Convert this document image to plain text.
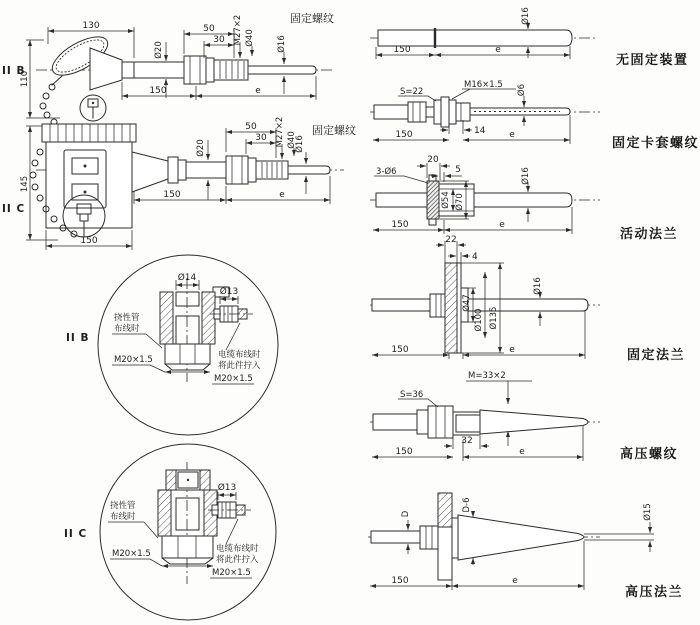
130
110
Ø20
50
30 M27×2 Ø40	Ø16
固定螺纹
150	e
II B
145
150
Ø20
50
30 M27×2 Ø40
Ø16
固定螺纹
150	e
II C
II B
Ø14
挠性管
布线时
M20×1.5
Ø13
电缆布线时
将此件拧入
M20×1.5
II C
挠性管
布线时
M20×1.5
Ø13
电缆布线时
将此件拧入
M20×1.5
Ø16
150	e
无固定装置
S=22
M16×1.5 Ø6
14
150	e
固定卡套螺纹
Ø54 Ø70
20
5
3-Ø6	Ø16
150	e
活动法兰
22
4
Ø47
Ø100 Ø135
Ø16
150	e	固定法兰
M=33×2
S=36
32
150	e	高压螺纹
D
D-6	Ø15
150	e
高压法兰
